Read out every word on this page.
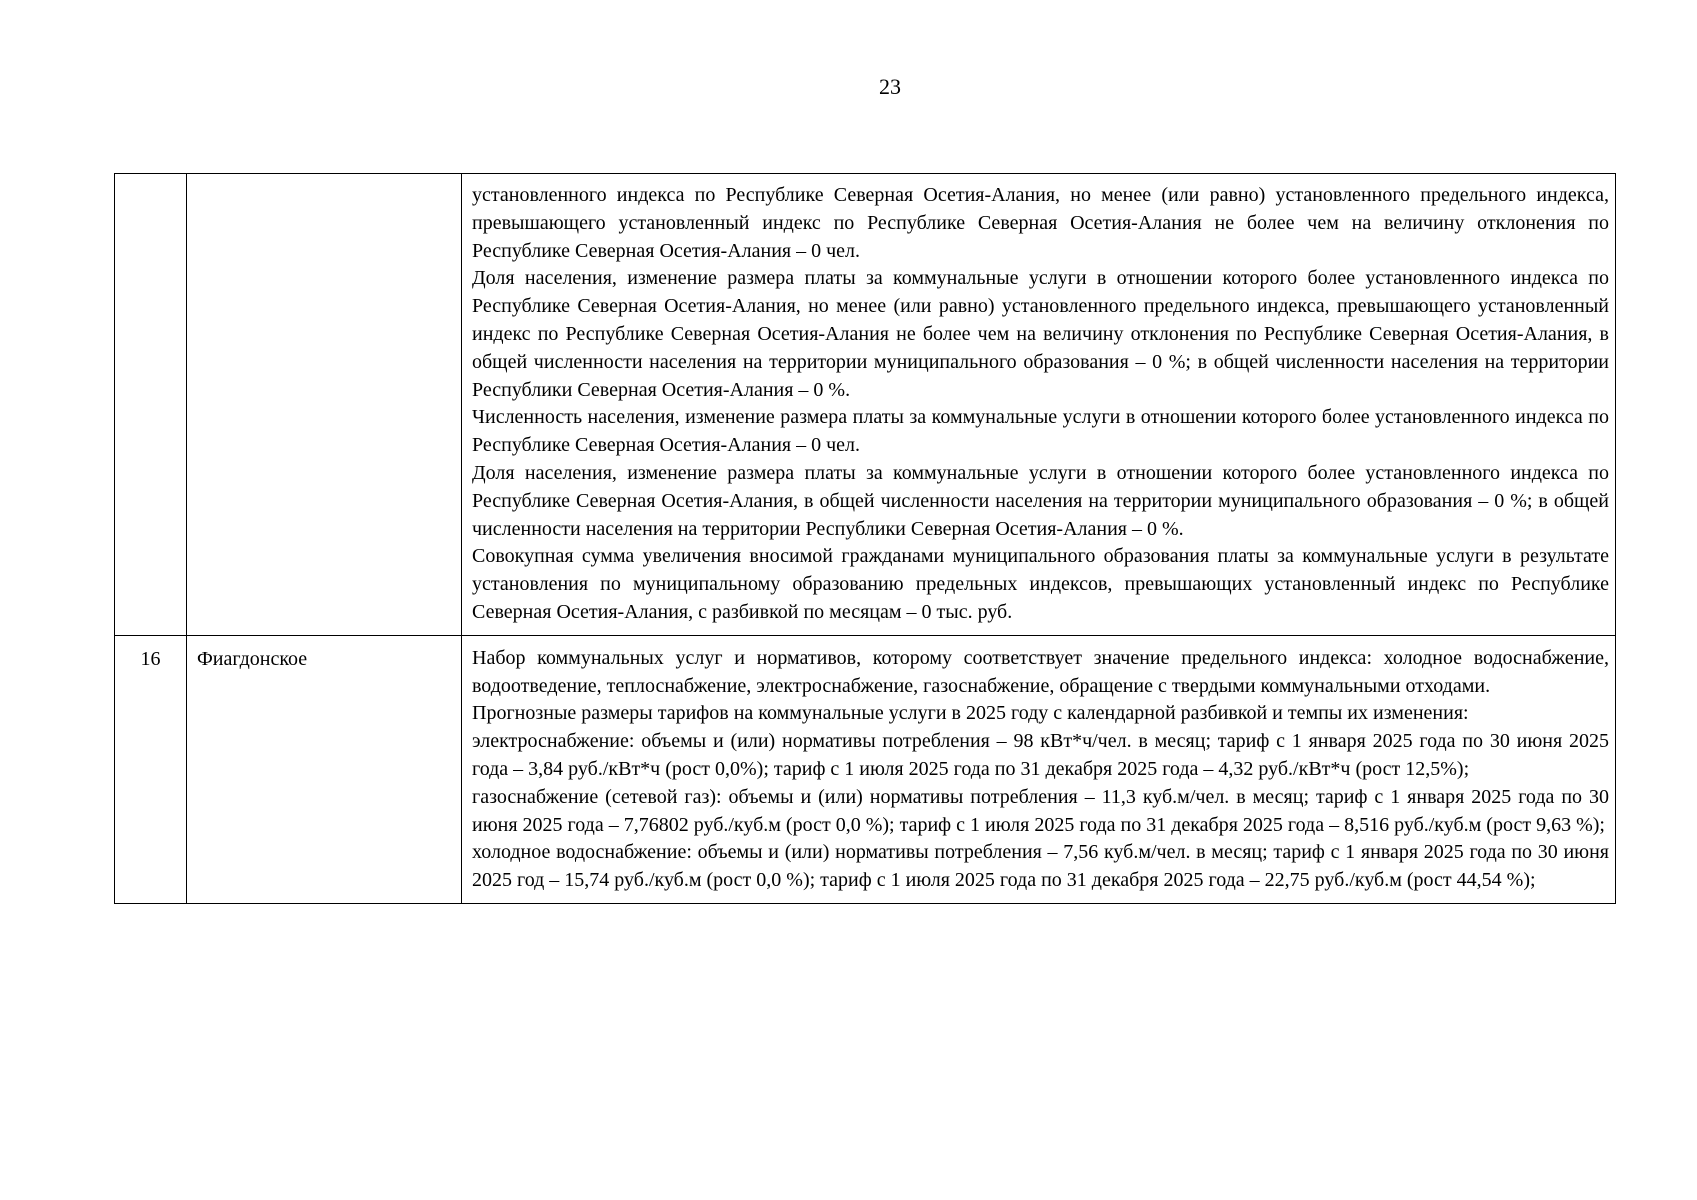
23

		установленного индекса по Республике Северная Осетия-Алания, но менее (или равно) установленного предельного индекса, превышающего установленный индекс по Республике Северная Осетия-Алания не более чем на величину отклонения по Республике Северная Осетия-Алания – 0 чел.

Доля населения, изменение размера платы за коммунальные услуги в отношении которого более установленного индекса по Республике Северная Осетия-Алания, но менее (или равно) установленного предельного индекса, превышающего установленный индекс по Республике Северная Осетия-Алания не более чем на величину отклонения по Республике Северная Осетия-Алания, в общей численности населения на территории муниципального образования – 0 %; в общей численности населения на территории Республики Северная Осетия-Алания – 0 %.

Численность населения, изменение размера платы за коммунальные услуги в отношении которого более установленного индекса по Республике Северная Осетия-Алания – 0 чел.

Доля населения, изменение размера платы за коммунальные услуги в отношении которого более установленного индекса по Республике Северная Осетия-Алания, в общей численности населения на территории муниципального образования – 0 %; в общей численности населения на территории Республики Северная Осетия-Алания – 0 %.

Совокупная сумма увеличения вносимой гражданами муниципального образования платы за коммунальные услуги в результате установления по муниципальному образованию предельных индексов, превышающих установленный индекс по Республике Северная Осетия-Алания, с разбивкой по месяцам – 0 тыс. руб.

16	Фиагдонское	Набор коммунальных услуг и нормативов, которому соответствует значение предельного индекса: холодное водоснабжение, водоотведение, теплоснабжение, электроснабжение, газоснабжение, обращение с твердыми коммунальными отходами.

Прогнозные размеры тарифов на коммунальные услуги в 2025 году с календарной разбивкой и темпы их изменения:

электроснабжение: объемы и (или) нормативы потребления – 98 кВт*ч/чел. в месяц; тариф с 1 января 2025 года по 30 июня 2025 года – 3,84 руб./кВт*ч (рост 0,0%); тариф с 1 июля 2025 года по 31 декабря 2025 года – 4,32 руб./кВт*ч (рост 12,5%);

газоснабжение (сетевой газ): объемы и (или) нормативы потребления – 11,3 куб.м/чел. в месяц; тариф с 1 января 2025 года по 30 июня 2025 года – 7,76802 руб./куб.м (рост 0,0 %); тариф с 1 июля 2025 года по 31 декабря 2025 года – 8,516 руб./куб.м (рост 9,63 %);

холодное водоснабжение: объемы и (или) нормативы потребления – 7,56 куб.м/чел. в месяц; тариф с 1 января 2025 года по 30 июня 2025 год – 15,74 руб./куб.м (рост 0,0 %); тариф с 1 июля 2025 года по 31 декабря 2025 года – 22,75 руб./куб.м (рост 44,54 %);
